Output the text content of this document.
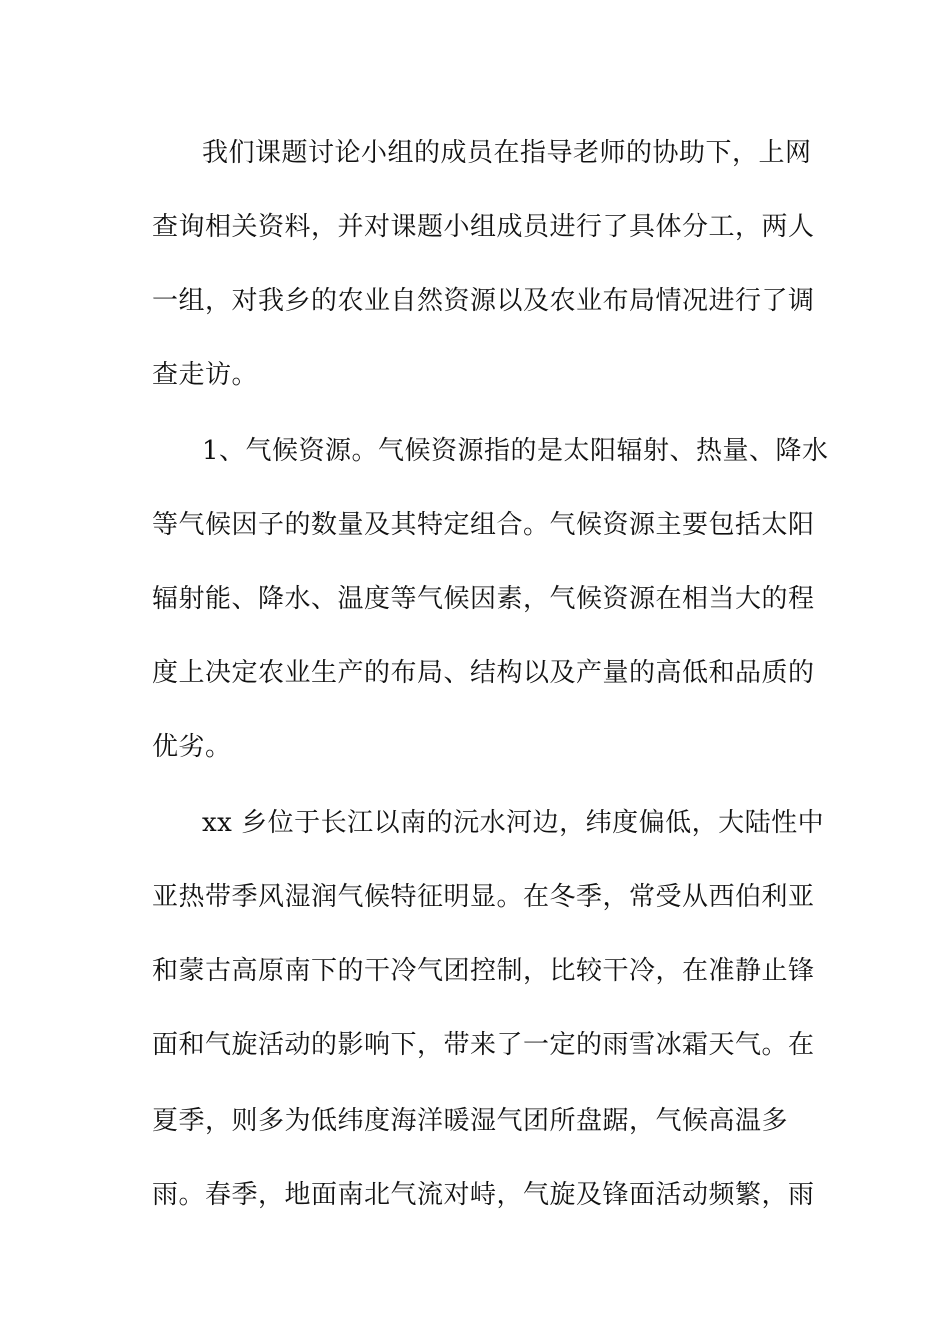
我们课题讨论小组的成员在指导老师的协助下，上网
查询相关资料，并对课题小组成员进行了具体分工，两人
一组，对我乡的农业自然资源以及农业布局情况进行了调
查走访。
1、气候资源。气候资源指的是太阳辐射、热量、降水
等气候因子的数量及其特定组合。气候资源主要包括太阳
辐射能、降水、温度等气候因素，气候资源在相当大的程
度上决定农业生产的布局、结构以及产量的高低和品质的
优劣。
xx 乡位于长江以南的沅水河边，纬度偏低，大陆性中
亚热带季风湿润气候特征明显。在冬季，常受从西伯利亚
和蒙古高原南下的干冷气团控制，比较干冷，在准静止锋
面和气旋活动的影响下，带来了一定的雨雪冰霜天气。在
夏季，则多为低纬度海洋暖湿气团所盘踞，气候高温多
雨。春季，地面南北气流对峙，气旋及锋面活动频繁，雨
